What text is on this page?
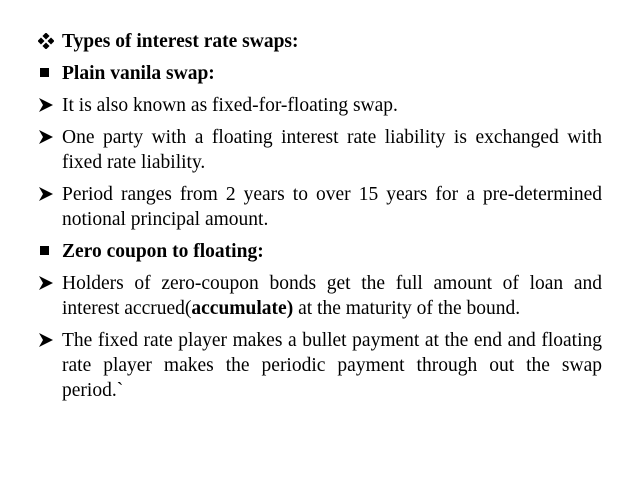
Types of interest rate swaps:
Plain vanila swap:
It is also known as fixed-for-floating swap.
One party with a floating interest rate liability is exchanged with fixed rate liability.
Period ranges from 2 years to over 15 years for a pre-determined notional principal amount.
Zero coupon to floating:
Holders of zero-coupon bonds get the full amount of loan and interest accrued(accumulate) at the maturity of the bound.
The fixed rate player makes a bullet payment at the end and floating rate player makes the periodic payment through out the swap period.`
